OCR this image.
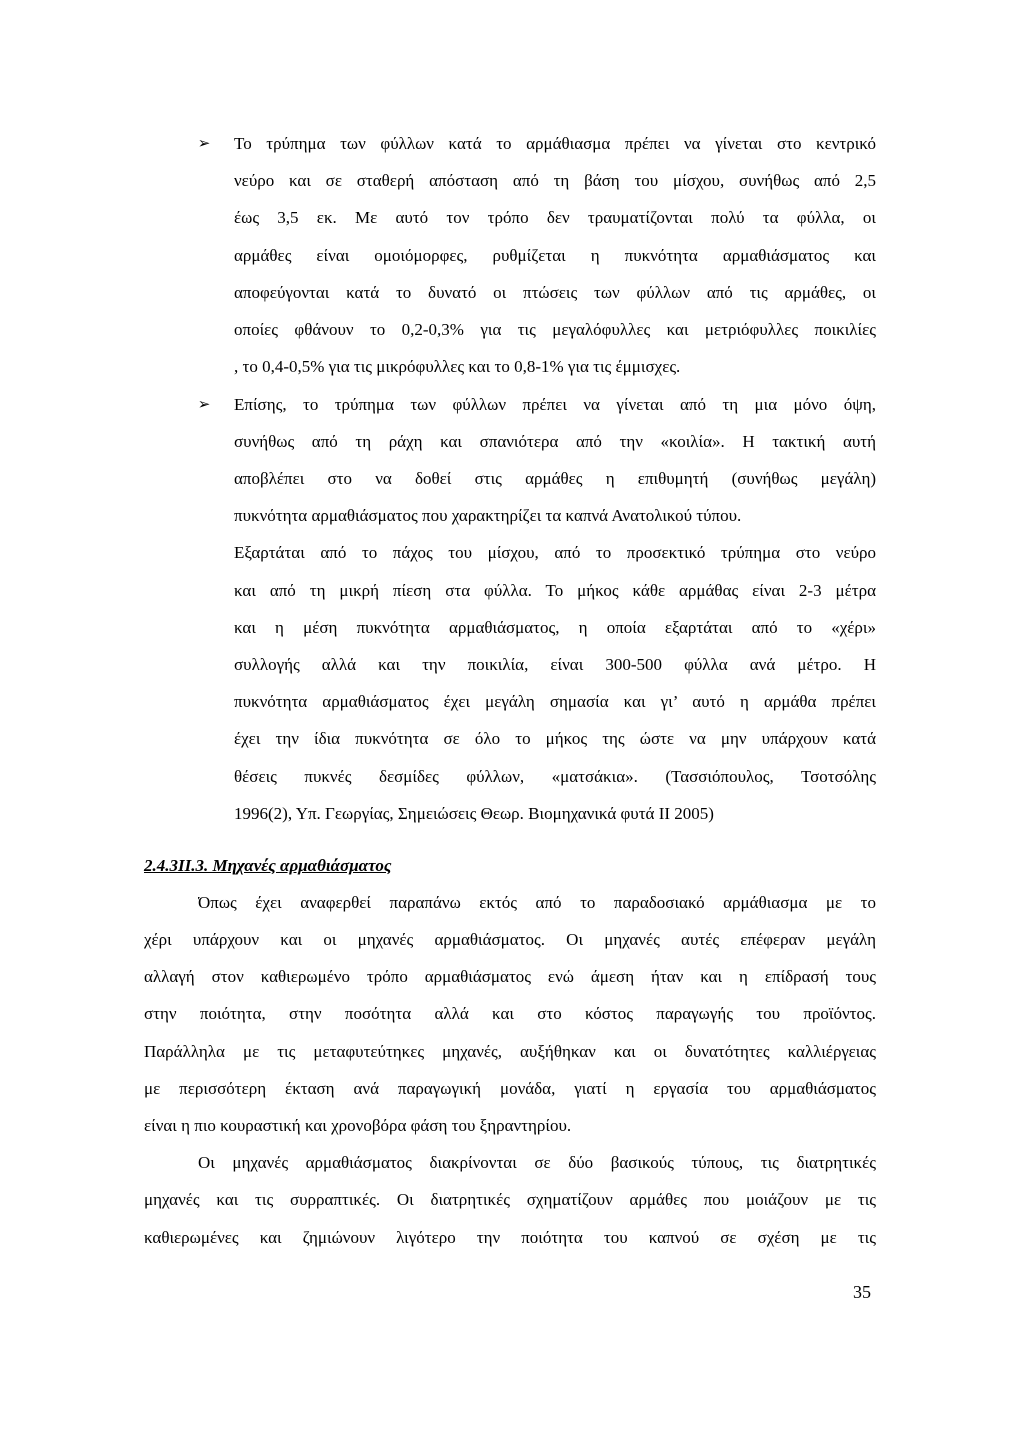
➢ Το τρύπημα των φύλλων κατά το αρμάθιασμα πρέπει να γίνεται στο κεντρικό
νεύρο και σε σταθερή απόσταση από τη βάση του μίσχου, συνήθως από 2,5
έως 3,5 εκ. Με αυτό τον τρόπο δεν τραυματίζονται πολύ τα φύλλα, οι
αρμάθες είναι ομοιόμορφες, ρυθμίζεται η πυκνότητα αρμαθιάσματος και
αποφεύγονται κατά το δυνατό οι πτώσεις των φύλλων από τις αρμάθες, οι
οποίες φθάνουν το 0,2-0,3% για τις μεγαλόφυλλες και μετριόφυλλες ποικιλίες
, το 0,4-0,5% για τις μικρόφυλλες και το 0,8-1% για τις έμμισχες.
➢ Επίσης, το τρύπημα των φύλλων πρέπει να γίνεται από τη μια μόνο όψη,
συνήθως από τη ράχη και σπανιότερα από την «κοιλία». Η τακτική αυτή
αποβλέπει στο να δοθεί στις αρμάθες η επιθυμητή (συνήθως μεγάλη)
πυκνότητα αρμαθιάσματος που χαρακτηρίζει τα καπνά Ανατολικού τύπου.
Εξαρτάται από το πάχος του μίσχου, από το προσεκτικό τρύπημα στο νεύρο
και από τη μικρή πίεση στα φύλλα. Το μήκος κάθε αρμάθας είναι 2-3 μέτρα
και η μέση πυκνότητα αρμαθιάσματος, η οποία εξαρτάται από το «χέρι»
συλλογής αλλά και την ποικιλία, είναι 300-500 φύλλα ανά μέτρο. Η
πυκνότητα αρμαθιάσματος έχει μεγάλη σημασία και γι’ αυτό η αρμάθα πρέπει
έχει την ίδια πυκνότητα σε όλο το μήκος της ώστε να μην υπάρχουν κατά
θέσεις πυκνές δεσμίδες φύλλων, «ματσάκια». (Τασσιόπουλος, Τσοτσόλης
1996(2), Υπ. Γεωργίας, Σημειώσεις Θεωρ. Βιομηχανικά φυτά ΙΙ 2005)
2.4.3II.3. Μηχανές αρμαθιάσματος
Όπως έχει αναφερθεί παραπάνω εκτός από το παραδοσιακό αρμάθιασμα με το
χέρι υπάρχουν και οι μηχανές αρμαθιάσματος. Οι μηχανές αυτές επέφεραν μεγάλη
αλλαγή στον καθιερωμένο τρόπο αρμαθιάσματος ενώ άμεση ήταν και η επίδρασή τους
στην ποιότητα, στην ποσότητα αλλά και στο κόστος παραγωγής του προϊόντος.
Παράλληλα με τις μεταφυτεύτηκες μηχανές, αυξήθηκαν και οι δυνατότητες καλλιέργειας
με περισσότερη έκταση ανά παραγωγική μονάδα, γιατί η εργασία του αρμαθιάσματος
είναι η πιο κουραστική και χρονοβόρα φάση του ξηραντηρίου.
Οι μηχανές αρμαθιάσματος διακρίνονται σε δύο βασικούς τύπους, τις διατρητικές
μηχανές και τις συρραπτικές. Οι διατρητικές σχηματίζουν αρμάθες που μοιάζουν με τις
καθιερωμένες και ζημιώνουν λιγότερο την ποιότητα του καπνού σε σχέση με τις
35
